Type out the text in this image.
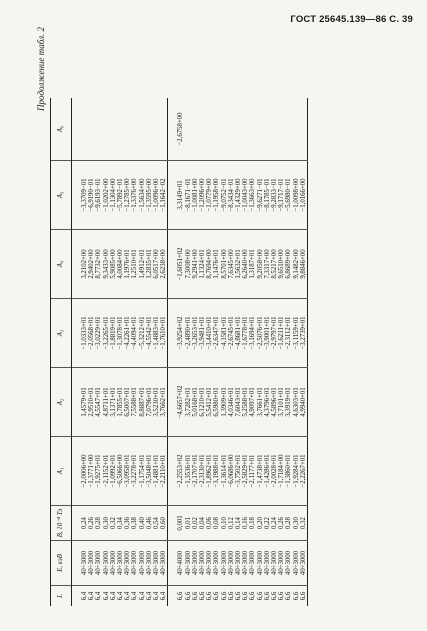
ГОСТ 25645.139—86 С. 39
Продолжение табл. 2
L	E, кэВ	B, 10⁻⁴ Тл	A₁	A₂	A₃	A₄	A₅	A₆

6,4	40÷3000	0,24	−2,0006+00	1,4579+01	−1,0333+01	3,2102+00	−3,3709−01	
6,4	40÷3000	0,26	−1,3771+00	2,9510+01	−2,0568+01	2,9402+00	−6,9190−01	
6,4	40÷3000	0,28	−1,9275+01	4,5547+01	−3,0229+01	8,7732+00	−9,6193−01	
6,4	40÷3000	0,30	−2,1152+01	4,8711+01	−3,2265+01	9,3433+00	−1,0202+00	
6,4	40÷3000	0,32	−1,0992+01	3,1371+01	−1,8819+01	5,9085+00	−1,1304+00	
6,4	40÷3000	0,34	−6,5066+00	1,7855+01	−1,3078+01	4,0084+00	−5,7892−01	
6,4	40÷3000	0,36	−3,0958+01	6,5007+01	−4,2261+01	1,1976+01	−1,2785+00	
6,4	40÷3000	0,38	−3,2278+01	7,5588+01	−4,4094+01	1,2510+01	−1,3376+00	
6,4	40÷3000	0,40	−1,1754+01	8,8887+01	−5,3212+01	1,4912+01	−1,5634+00	
6,4	40÷3000	0,46	−3,5048+01	7,0796+01	−4,5542+01	1,2835+01	−1,3595+00	
6,4	40÷3000	0,54	−1,4881+01	3,5230+01	−1,4883+01	6,0517+00	−1,0096+00	
6,4	40÷3000	0,60	−2,2110+01	3,7662+01	−1,7610+01	2,6238+00	−1,1642−02	

6,6	40÷4000	0,001	−2,2553+02	−4,6657+02	−3,9254+02	−1,6051+02	3,3149+01	−2,6758+00
6,6	40÷3000	0,01	−1,3536+01	3,7282+01	−2,4890+01	7,3008+00	−8,1671−01	
6,6	40÷3000	0,02	−2,1707+01	5,0168+01	−3,2653+01	9,2941+00	−1,0081+00	
6,6	40÷3000	0,04	−2,3130+01	6,1210+01	−3,9481+01	1,1324+01	−1,2096+00	
6,6	40÷3000	0,06	−1,8962+01	5,5412+01	−3,4410+01	8,7694+00	−1,0779+00	
6,6	40÷3000	0,08	−3,1988+01	6,5980+01	−2,6347+01	1,1476+01	−1,1958+00	
6,6	40÷3000	0,10	−1,3614+01	1,3909+01	−4,1581+01	8,5701+00	−9,0752−01	
6,6	40÷3000	0,12	−6,0686+00	4,0346+01	−2,6745+01	7,6345+00	−8,3434−01	
6,6	40÷3000	0,14	−3,7502+01	7,6043+01	−4,8681+01	1,5632+01	−1,4329+00	
6,6	40÷3000	0,16	−2,5829+01	5,2588+01	−1,6778+01	6,2640+00	−1,0043+00	
6,6	40÷3000	0,18	−2,1177+01	4,9097+01	−3,1694+01	1,3187+01	−1,3663+00	
6,6	40÷3000	0,20	−1,4738+01	3,7661+01	−2,5076+01	9,2058+00	−9,6271−01	
6,6	40÷3000	0,22	−1,4286+01	4,3796+01	−3,9001+01	7,3317+00	−8,1785−01	
6,6	40÷3000	0,24	−2,0028+01	4,5896+01	−2,9797+01	8,5217+00	−9,2833−01	
6,6	40÷3000	0,26	−1,7184+00	3,7101+01	−1,6231+01	9,6510+00	−9,1717−01	
6,6	40÷3000	0,28	−1,3860+01	3,3919+01	−2,3112+01	6,8689+00	−5,6980−01	
6,6	40÷3000	0,30	−1,9284+01	4,6303+01	−3,1159+01	9,1482+00	−1,0098+00	
6,6	40÷3000	0,32	−2,2267+01	4,9940+01	−3,2739+01	9,8846+00	−1,0166+00	
